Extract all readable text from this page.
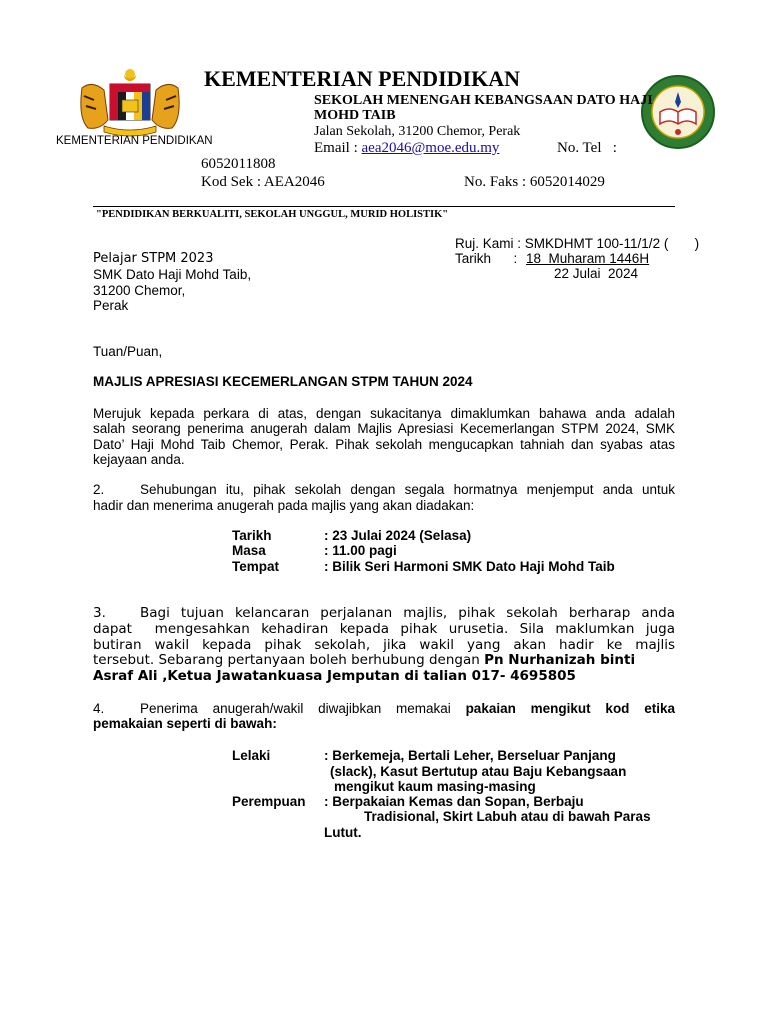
KEMENTERIAN PENDIDIKAN
KEMENTERIAN PENDIDIKAN
SEKOLAH MENENGAH KEBANGSAAN DATO HAJI
MOHD TAIB
Jalan Sekolah, 31200 Chemor, Perak
Email : aea2046@moe.edu.my	No. Tel   :
6052011808
Kod Sek : AEA2046	No. Faks : 6052014029
"PENDIDIKAN BERKUALITI, SEKOLAH UNGGUL, MURID HOLISTIK"
Ruj. Kami : SMKDHMT 100-11/1/2 (       )
Tarikh      : 18  Muharam 1446H
22 Julai  2024
Pelajar STPM 2023
SMK Dato Haji Mohd Taib,
31200 Chemor,
Perak
Tuan/Puan,
MAJLIS APRESIASI KECEMERLANGAN STPM TAHUN 2024
Merujuk kepada perkara di atas, dengan sukacitanya dimaklumkan bahawa anda adalah
salah seorang penerima anugerah dalam Majlis Apresiasi Kecemerlangan STPM 2024, SMK
Dato’ Haji Mohd Taib Chemor, Perak. Pihak sekolah mengucapkan tahniah dan syabas atas
kejayaan anda.
2.	Sehubungan itu, pihak sekolah dengan segala hormatnya menjemput anda untuk
hadir dan menerima anugerah pada majlis yang akan diadakan:
Tarikh	: 23 Julai 2024 (Selasa)
Masa	: 11.00 pagi
Tempat	: Bilik Seri Harmoni SMK Dato Haji Mohd Taib
3.	Bagi tujuan kelancaran perjalanan majlis, pihak sekolah berharap anda
dapat  mengesahkan kehadiran kepada pihak urusetia. Sila maklumkan juga
butiran wakil kepada pihak sekolah, jika wakil yang akan hadir ke majlis
tersebut. Sebarang pertanyaan boleh berhubung dengan Pn Nurhanizah binti
Asraf Ali ,Ketua Jawatankuasa Jemputan di talian 017- 4695805
4.	Penerima anugerah/wakil diwajibkan memakai pakaian mengikut kod etika
pemakaian seperti di bawah:
Lelaki	: Berkemeja, Bertali Leher, Berseluar Panjang
(slack), Kasut Bertutup atau Baju Kebangsaan
mengikut kaum masing-masing
Perempuan : Berpakaian Kemas dan Sopan, Berbaju
Tradisional, Skirt Labuh atau di bawah Paras
Lutut.
